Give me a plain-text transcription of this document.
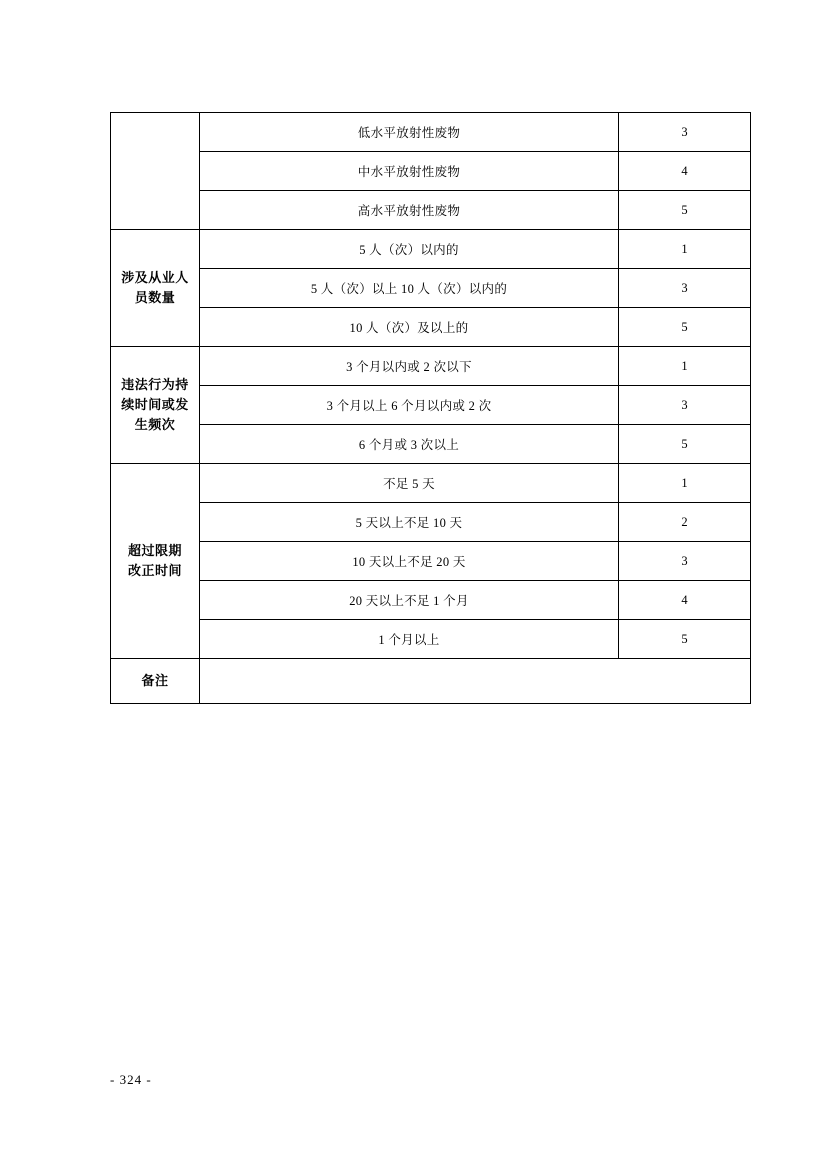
	低水平放射性废物	3
	中水平放射性废物	4
	高水平放射性废物	5

涉及从业人
员数量	5 人（次）以内的	1
	5 人（次）以上 10 人（次）以内的	3
	10 人（次）及以上的	5

违法行为持
续时间或发
生频次	3 个月以内或 2 次以下	1
	3 个月以上 6 个月以内或 2 次	3
	6 个月或 3 次以上	5

超过限期
改正时间	不足 5 天	1
	5 天以上不足 10 天	2
	10 天以上不足 20 天	3
	20 天以上不足 1 个月	4
	1 个月以上	5
备注		
- 324 -
